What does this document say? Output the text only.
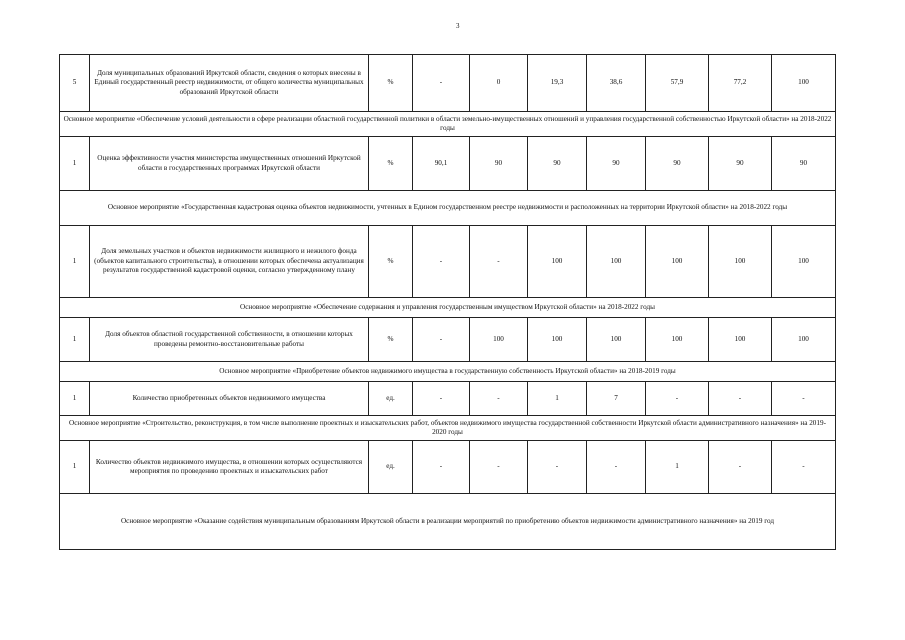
3
5	Доля муниципальных образований Иркутской области, сведения о которых внесены в Единый государственный реестр недвижимости, от общего количества муниципальных образований Иркутской области	%	-	0	19,3	38,6	57,9	77,2	100
Основное мероприятие «Обеспечение условий деятельности в сфере реализации областной государственной политики в области земельно-имущественных отношений и управления государственной собственностью Иркутской области» на 2018-2022 годы									
1	Оценка эффективности участия министерства имущественных отношений Иркутской области в государственных программах Иркутской области	%	90,1	90	90	90	90	90	90
Основное мероприятие «Государственная кадастровая оценка объектов недвижимости, учтенных в Едином государственном реестре недвижимости и расположенных на территории Иркутской области» на 2018-2022 годы									
1	Доля земельных участков и объектов недвижимости жилищного и нежилого фонда (объектов капитального строительства), в отношении которых обеспечена актуализация результатов государственной кадастровой оценки, согласно утвержденному плану	%	-	-	100	100	100	100	100
Основное мероприятие «Обеспечение содержания и управления государственным имуществом Иркутской области» на 2018-2022 годы									
1	Доля объектов областной государственной собственности, в отношении которых проведены ремонтно-восстановительные работы	%	-	100	100	100	100	100	100
Основное мероприятие «Приобретение объектов недвижимого имущества в государственную собственность Иркутской области» на 2018-2019 годы									
1	Количество приобретенных объектов недвижимого имущества	ед.	-	-	1	7	-	-	-
Основное мероприятие «Строительство, реконструкция, в том числе выполнение проектных и изыскательских работ, объектов недвижимого имущества государственной собственности Иркутской области административного назначения» на 2019-2020 годы									
1	Количество объектов недвижимого имущества, в отношении которых осуществляются мероприятия по проведению проектных и изыскательских работ	ед.	-	-	-	-	1	-	-
Основное мероприятие «Оказание содействия муниципальным образованиям Иркутской области в реализации мероприятий по приобретению объектов недвижимости административного назначения» на 2019 год									
